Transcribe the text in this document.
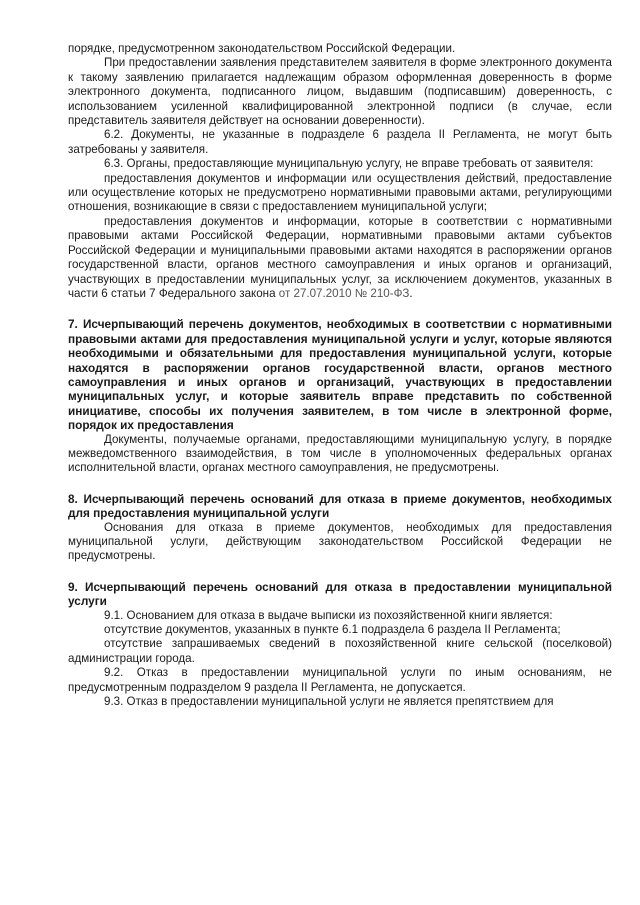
порядке, предусмотренном законодательством Российской Федерации.

При предоставлении заявления представителем заявителя в форме электронного документа к такому заявлению прилагается надлежащим образом оформленная доверенность в форме электронного документа, подписанного лицом, выдавшим (подписавшим) доверенность, с использованием усиленной квалифицированной электронной подписи (в случае, если представитель заявителя действует на основании доверенности).

6.2. Документы, не указанные в подразделе 6 раздела II Регламента, не могут быть затребованы у заявителя.

6.3. Органы, предоставляющие муниципальную услугу, не вправе требовать от заявителя:

предоставления документов и информации или осуществления действий, предоставление или осуществление которых не предусмотрено нормативными правовыми актами, регулирующими отношения, возникающие в связи с предоставлением муниципальной услуги;

предоставления документов и информации, которые в соответствии с нормативными правовыми актами Российской Федерации, нормативными правовыми актами субъектов Российской Федерации и муниципальными правовыми актами находятся в распоряжении органов государственной власти, органов местного самоуправления и иных органов и организаций, участвующих в предоставлении муниципальных услуг, за исключением документов, указанных в части 6 статьи 7 Федерального закона от 27.07.2010 № 210-ФЗ.

7. Исчерпывающий перечень документов, необходимых в соответствии с нормативными правовыми актами для предоставления муниципальной услуги и услуг, которые являются необходимыми и обязательными для предоставления муниципальной услуги, которые находятся в распоряжении органов государственной власти, органов местного самоуправления и иных органов и организаций, участвующих в предоставлении муниципальных услуг, и которые заявитель вправе представить по собственной инициативе, способы их получения заявителем, в том числе в электронной форме, порядок их предоставления

Документы, получаемые органами, предоставляющими муниципальную услугу, в порядке межведомственного взаимодействия, в том числе в уполномоченных федеральных органах исполнительной власти, органах местного самоуправления, не предусмотрены.

8. Исчерпывающий перечень оснований для отказа в приеме документов, необходимых для предоставления муниципальной услуги

Основания для отказа в приеме документов, необходимых для предоставления муниципальной услуги, действующим законодательством Российской Федерации не предусмотрены.

9. Исчерпывающий перечень оснований для отказа в предоставлении муниципальной услуги

9.1. Основанием для отказа в выдаче выписки из похозяйственной книги является:

отсутствие документов, указанных в пункте 6.1 подраздела 6 раздела II Регламента;

отсутствие запрашиваемых сведений в похозяйственной книге сельской (поселковой) администрации города.

9.2. Отказ в предоставлении муниципальной услуги по иным основаниям, не предусмотренным подразделом 9 раздела II Регламента, не допускается.

9.3. Отказ в предоставлении муниципальной услуги не является препятствием для
